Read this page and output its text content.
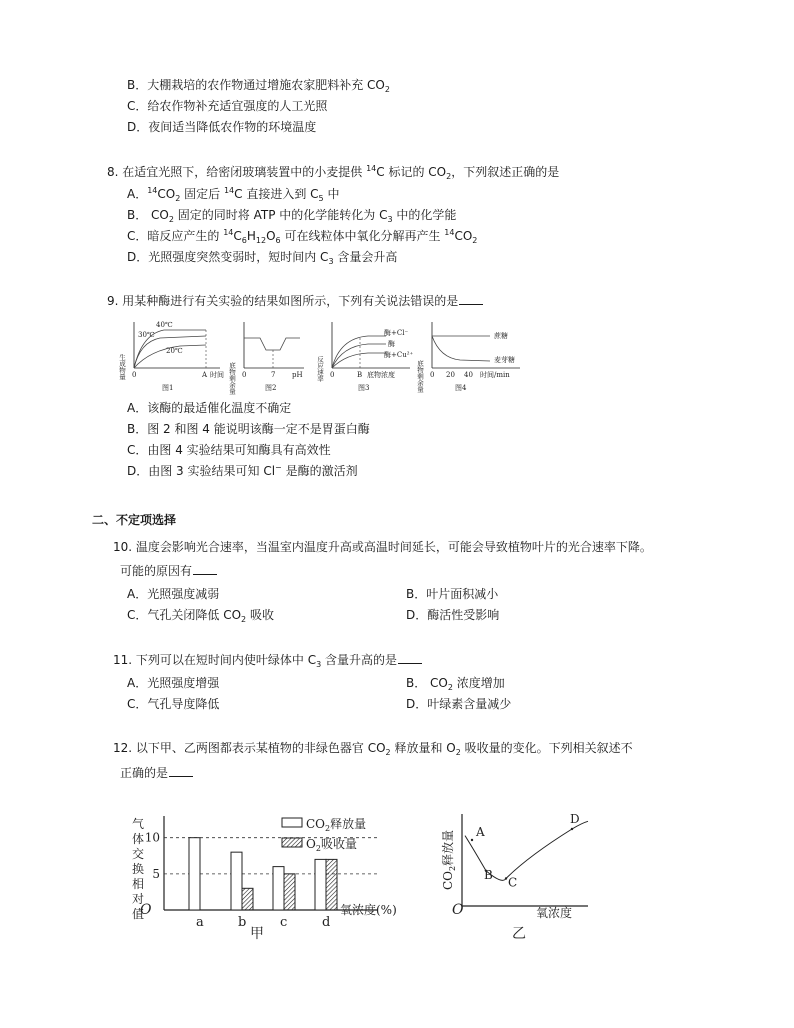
B．大棚栽培的农作物通过增施农家肥料补充 $CO_2$
C．给农作物补充适宜强度的人工光照
D．夜间适当降低农作物的环境温度
8. 在适宜光照下，给密闭玻璃装置中的小麦提供 $^{14}$C 标记的 $CO_2$，下列叙述正确的是
A．$^{14}CO_2$ 固定后 $^{14}$C 直接进入到 $C_5$ 中
B． $CO_2$ 固定的同时将 ATP 中的化学能转化为 $C_3$ 中的化学能
C．暗反应产生的 $^{14}C_6H_{12}O_6$ 可在线粒体中氧化分解再产生 $^{14}CO_2$
D．光照强度突然变弱时，短时间内 $C_3$ 含量会升高
9. 用某种酶进行有关实验的结果如图所示，下列有关说法错误的是
生成物量
40℃
30℃
20℃
0	A 时间
图1	底物剩余量 0	7 pH
图2
反应速率
酶+Cl⁻
酶
酶+Cu²⁺
0	B 底物浓度
图3	底物剩余量
蔗糖
麦芽糖
0 20 40 时间/min
图4
A．该酶的最适催化温度不确定
B．图 2 和图 4 能说明该酶一定不是胃蛋白酶
C．由图 4 实验结果可知酶具有高效性
D．由图 3 实验结果可知 Cl− 是酶的激活剂
二、不定项选择
10. 温度会影响光合速率，当温室内温度升高或高温时间延长，可能会导致植物叶片的光合速率下降。
可能的原因有
A．光照强度减弱	B．叶片面积减小
C．气孔关闭降低 $CO_2$ 吸收	D．酶活性受影响
11. 下列可以在短时间内使叶绿体中 $C_3$ 含量升高的是
A．光照强度增强	B． $CO_2$ 浓度增加
C．气孔导度降低	D．叶绿素含量减少
12. 以下甲、乙两图都表示某植物的非绿色器官 $CO_2$ 释放量和 $O_2$ 吸收量的变化。下列相关叙述不
正确的是
气
体
交
换
相
对
值
5
10
a	b	c	d
$CO_2$释放量
$O_2$吸收量
O	氧浓度(%)
甲
$CO_2$释放量 A
B
C
D
O	氧浓度
乙
